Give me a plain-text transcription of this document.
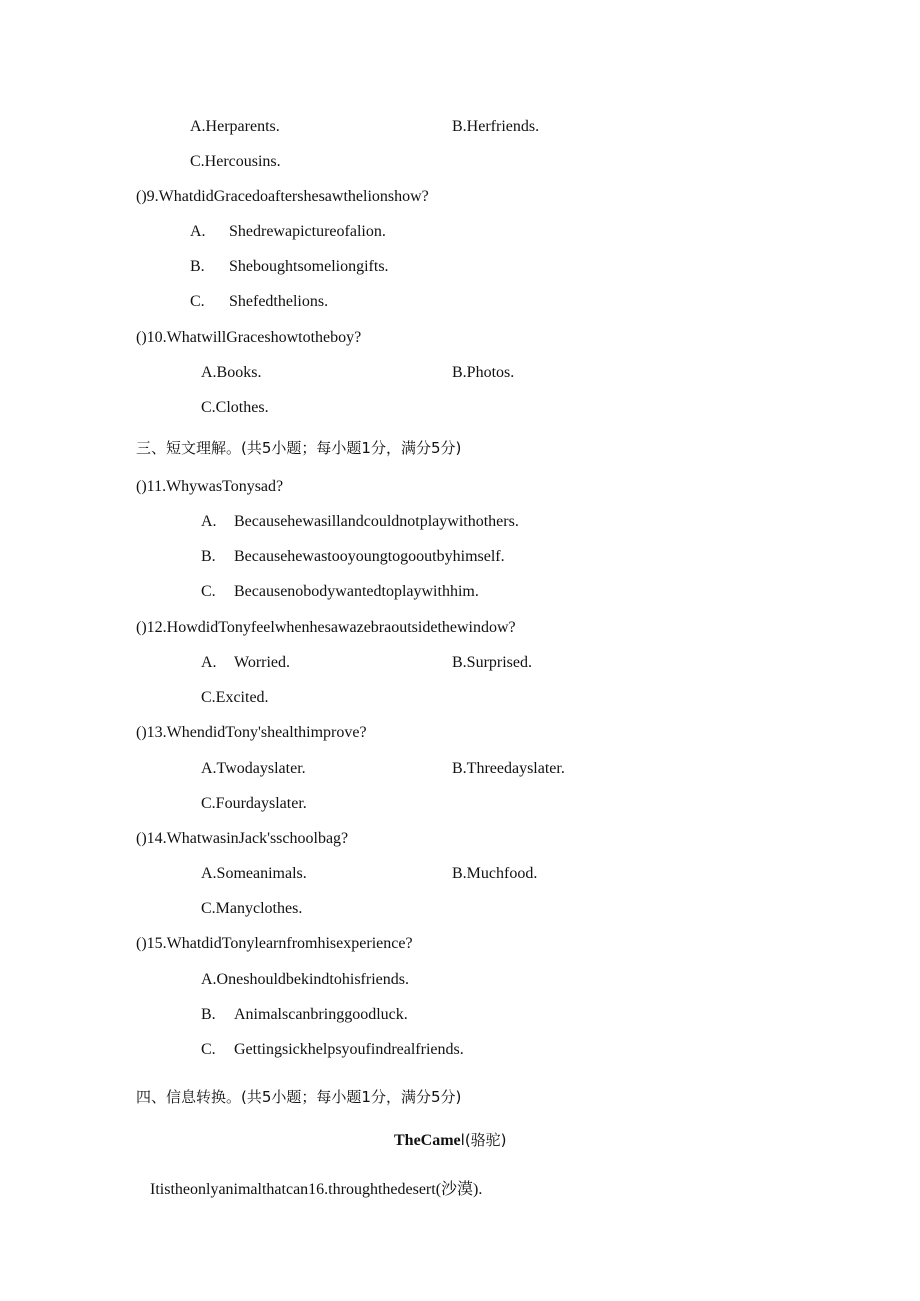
A.Herparents.	B.Herfriends.
C.Hercousins.
()9.WhatdidGracedoaftershesawthelionshow?
A. Shedrewapictureofalion.
B. Sheboughtsomeliongifts.
C. Shefedthelions.
()10.WhatwillGraceshowtotheboy?
A.Books.	B.Photos.
C.Clothes.
三、短文理解。(共5小题；每小题1分，满分5分)
()11.WhywasTonysad?
A. Becausehewasillandcouldnotplaywithothers.
B. Becausehewastooyoungtogooutbyhimself.
C. Becausenobodywantedtoplaywithhim.
()12.HowdidTonyfeelwhenhesawazebraoutsidethewindow?
A. Worried.	B.Surprised.
C.Excited.
()13.WhendidTony'shealthimprove?
A.Twodayslater.	B.Threedayslater.
C.Fourdayslater.
()14.WhatwasinJack'sschoolbag?
A.Someanimals.	B.Muchfood.
C.Manyclothes.
()15.WhatdidTonylearnfromhisexperience?
A.Oneshouldbekindtohisfriends.
B. Animalscanbringgoodluck.
C. Gettingsickhelpsyoufindrealfriends.
四、信息转换。(共5小题；每小题1分，满分5分)
TheCamel(骆驼)
Itistheonlyanimalthatcan16.throughthedesert(沙漠).
